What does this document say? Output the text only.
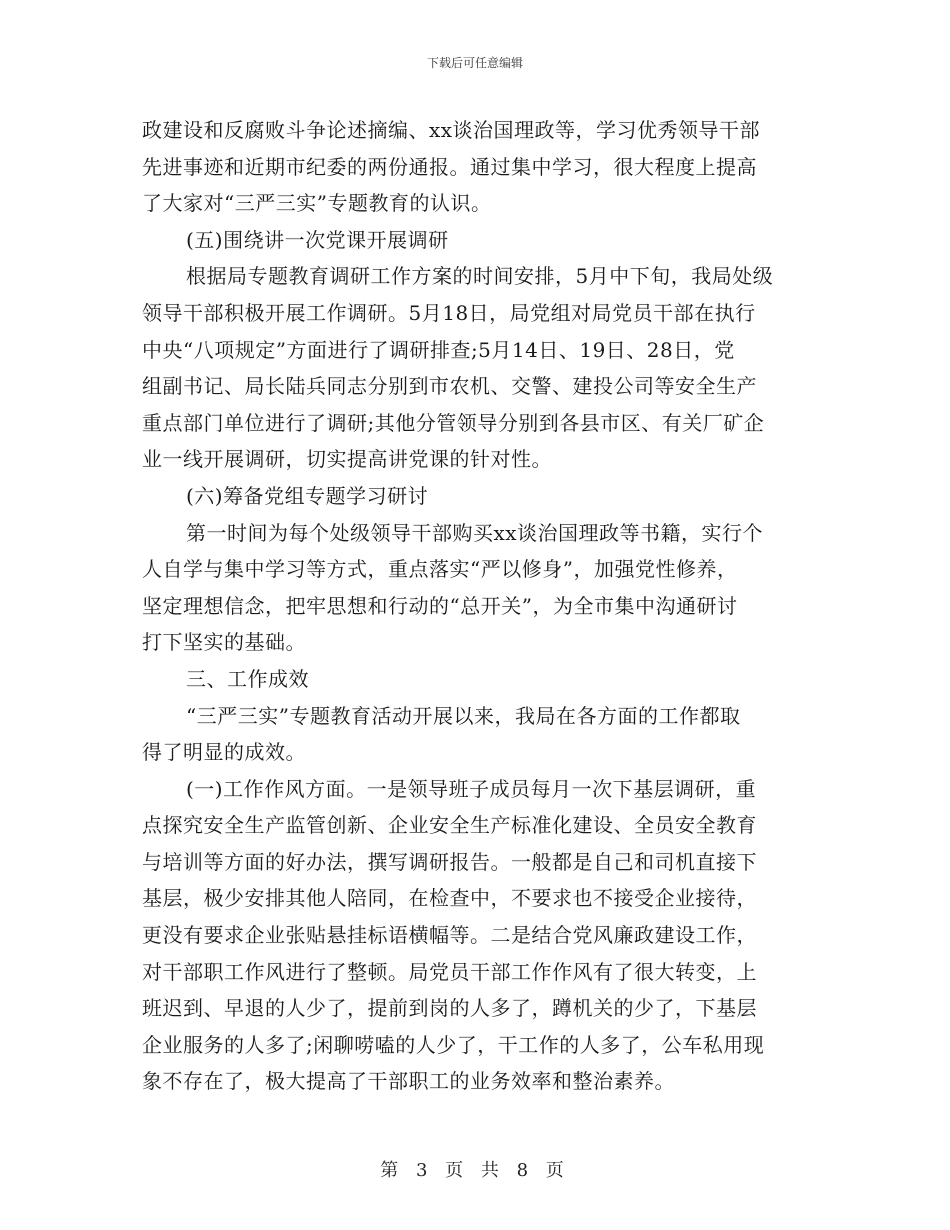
下载后可任意编辑
政建设和反腐败斗争论述摘编、xx谈治国理政等，学习优秀领导干部
先进事迹和近期市纪委的两份通报。通过集中学习，很大程度上提高
了大家对“三严三实”专题教育的认识。
(五)围绕讲一次党课开展调研
根据局专题教育调研工作方案的时间安排，5月中下旬，我局处级
领导干部积极开展工作调研。5月18日，局党组对局党员干部在执行
中央“八项规定”方面进行了调研排查;5月14日、19日、28日，党
组副书记、局长陆兵同志分别到市农机、交警、建投公司等安全生产
重点部门单位进行了调研;其他分管领导分别到各县市区、有关厂矿企
业一线开展调研，切实提高讲党课的针对性。
(六)筹备党组专题学习研讨
第一时间为每个处级领导干部购买xx谈治国理政等书籍，实行个
人自学与集中学习等方式，重点落实“严以修身”，加强党性修养，
坚定理想信念，把牢思想和行动的“总开关”，为全市集中沟通研讨
打下坚实的基础。
三、工作成效
“三严三实”专题教育活动开展以来，我局在各方面的工作都取
得了明显的成效。
(一)工作作风方面。一是领导班子成员每月一次下基层调研，重
点探究安全生产监管创新、企业安全生产标准化建设、全员安全教育
与培训等方面的好办法，撰写调研报告。一般都是自己和司机直接下
基层，极少安排其他人陪同，在检查中，不要求也不接受企业接待，
更没有要求企业张贴悬挂标语横幅等。二是结合党风廉政建设工作，
对干部职工作风进行了整顿。局党员干部工作作风有了很大转变，上
班迟到、早退的人少了，提前到岗的人多了，蹲机关的少了，下基层
企业服务的人多了;闲聊唠嗑的人少了，干工作的人多了，公车私用现
象不存在了，极大提高了干部职工的业务效率和整治素养。
第 3 页 共 8 页
